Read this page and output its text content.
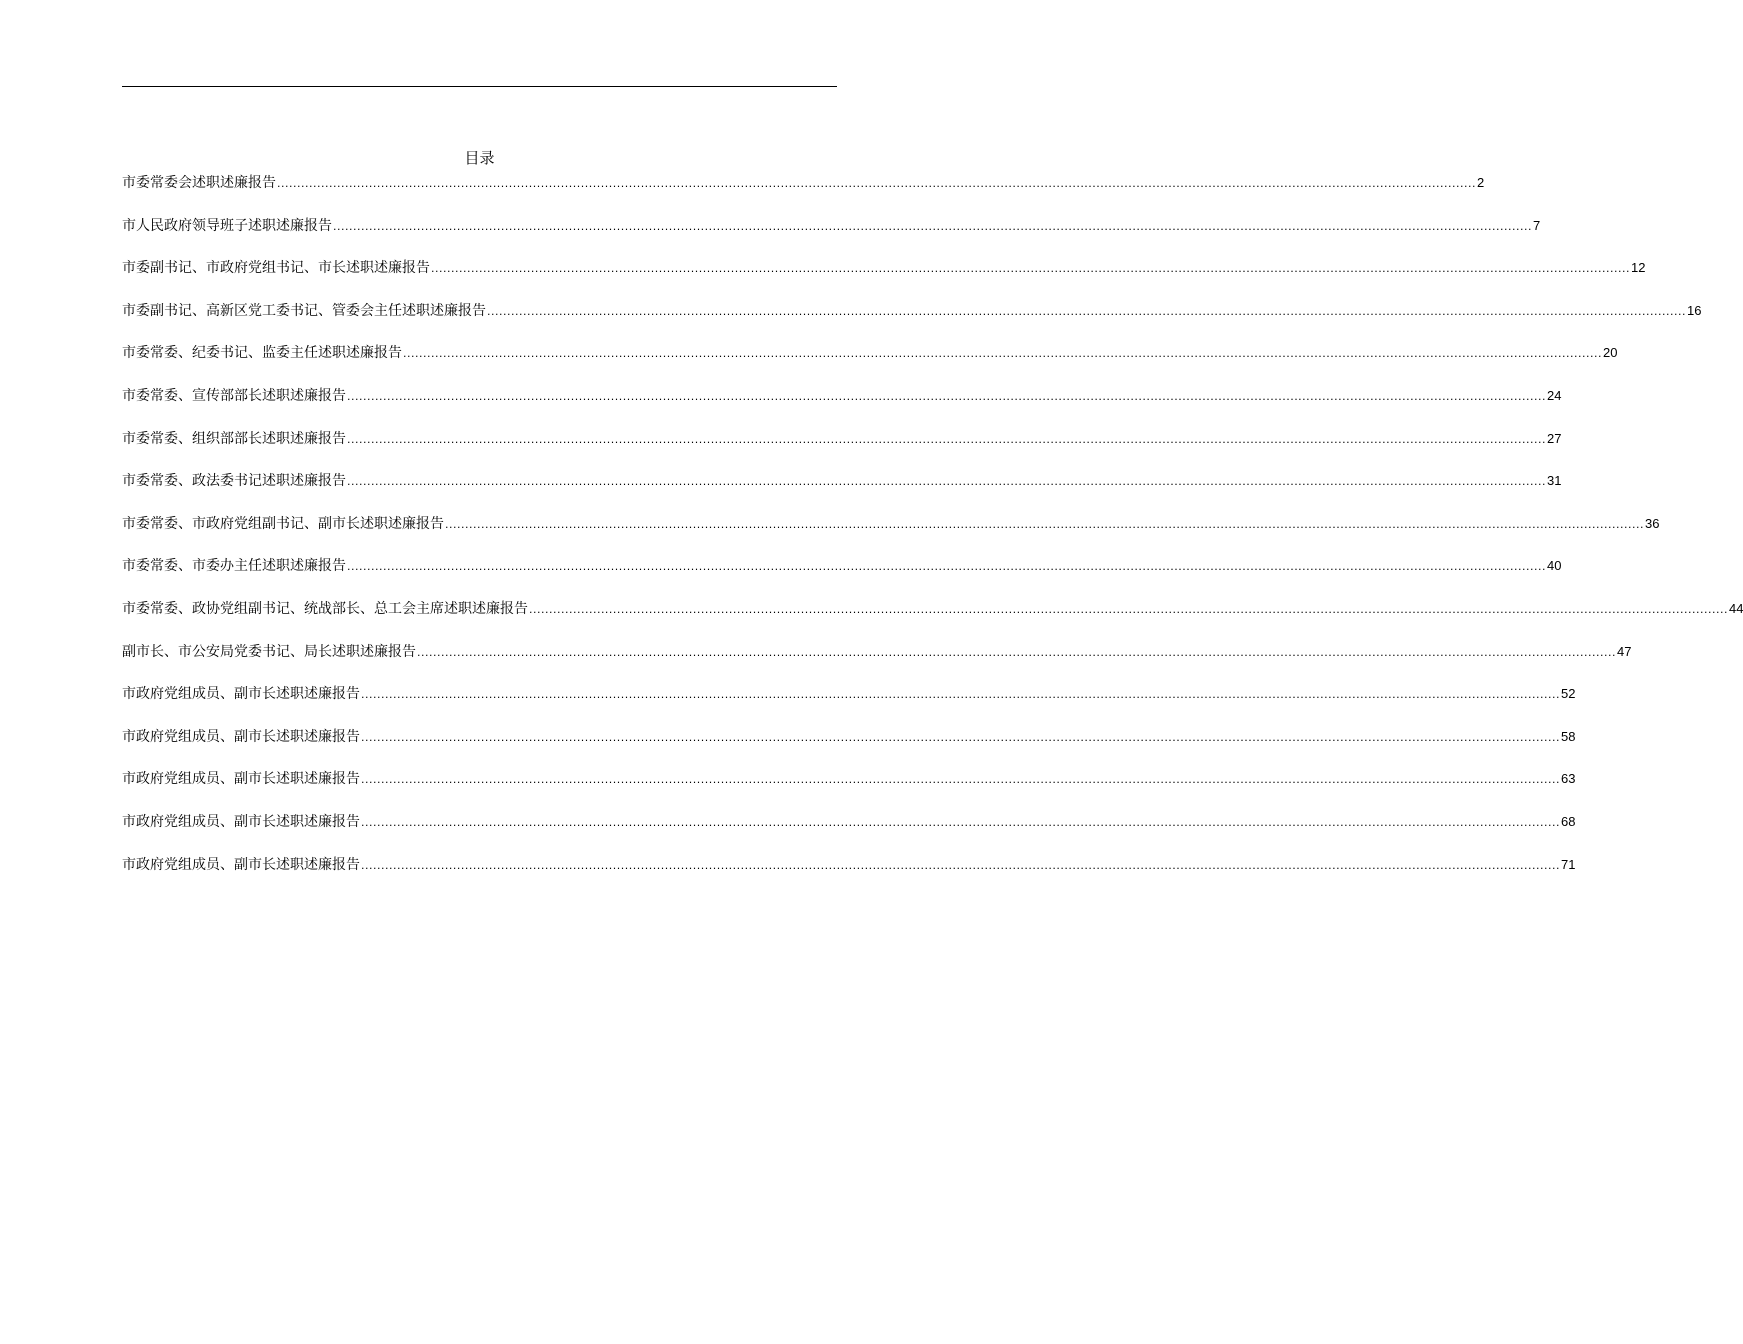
目录
市委常委会述职述廉报告 ............................................................................................................................................................................................................................................................................................................ 2
市人民政府领导班子述职述廉报告 ............................................................................................................................................................................................................................................................................................................ 7
市委副书记、市政府党组书记、市长述职述廉报告 ............................................................................................................................................................................................................................................................................................................ 12
市委副书记、高新区党工委书记、管委会主任述职述廉报告 ............................................................................................................................................................................................................................................................................................................ 16
市委常委、纪委书记、监委主任述职述廉报告 ............................................................................................................................................................................................................................................................................................................ 20
市委常委、宣传部部长述职述廉报告 ............................................................................................................................................................................................................................................................................................................ 24
市委常委、组织部部长述职述廉报告 ............................................................................................................................................................................................................................................................................................................ 27
市委常委、政法委书记述职述廉报告 ............................................................................................................................................................................................................................................................................................................ 31
市委常委、市政府党组副书记、副市长述职述廉报告 ............................................................................................................................................................................................................................................................................................................ 36
市委常委、市委办主任述职述廉报告 ............................................................................................................................................................................................................................................................................................................ 40
市委常委、政协党组副书记、统战部长、总工会主席述职述廉报告 ............................................................................................................................................................................................................................................................................................................ 44
副市长、市公安局党委书记、局长述职述廉报告 ............................................................................................................................................................................................................................................................................................................ 47
市政府党组成员、副市长述职述廉报告 ............................................................................................................................................................................................................................................................................................................ 52
市政府党组成员、副市长述职述廉报告 ............................................................................................................................................................................................................................................................................................................ 58
市政府党组成员、副市长述职述廉报告 ............................................................................................................................................................................................................................................................................................................ 63
市政府党组成员、副市长述职述廉报告 ............................................................................................................................................................................................................................................................................................................ 68
市政府党组成员、副市长述职述廉报告 ............................................................................................................................................................................................................................................................................................................ 71
